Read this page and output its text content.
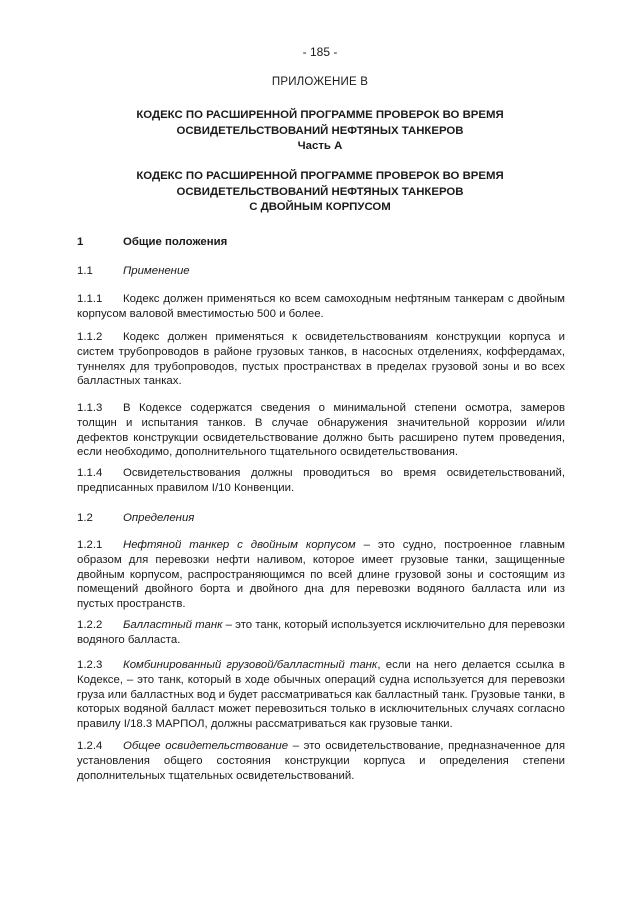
- 185 -
ПРИЛОЖЕНИЕ В
КОДЕКС ПО РАСШИРЕННОЙ ПРОГРАММЕ ПРОВЕРОК ВО ВРЕМЯ
ОСВИДЕТЕЛЬСТВОВАНИЙ НЕФТЯНЫХ ТАНКЕРОВ
Часть A
КОДЕКС ПО РАСШИРЕННОЙ ПРОГРАММЕ ПРОВЕРОК ВО ВРЕМЯ
ОСВИДЕТЕЛЬСТВОВАНИЙ НЕФТЯНЫХ ТАНКЕРОВ
С ДВОЙНЫМ КОРПУСОМ
1	Общие положения
1.1	Применение
1.1.1 Кодекс должен применяться ко всем самоходным нефтяным танкерам с двойным корпусом валовой вместимостью 500 и более.
1.1.2 Кодекс должен применяться к освидетельствованиям конструкции корпуса и систем трубопроводов в районе грузовых танков, в насосных отделениях, коффердамах, туннелях для трубопроводов, пустых пространствах в пределах грузовой зоны и во всех балластных танках.
1.1.3 В Кодексе содержатся сведения о минимальной степени осмотра, замеров толщин и испытания танков. В случае обнаружения значительной коррозии и/или дефектов конструкции освидетельствование должно быть расширено путем проведения, если необходимо, дополнительного тщательного освидетельствования.
1.1.4 Освидетельствования должны проводиться во время освидетельствований, предписанных правилом I/10 Конвенции.
1.2	Определения
1.2.1 Нефтяной танкер с двойным корпусом – это судно, построенное главным образом для перевозки нефти наливом, которое имеет грузовые танки, защищенные двойным корпусом, распространяющимся по всей длине грузовой зоны и состоящим из помещений двойного борта и двойного дна для перевозки водяного балласта или из пустых пространств.
1.2.2 Балластный танк – это танк, который используется исключительно для перевозки водяного балласта.
1.2.3 Комбинированный грузовой/балластный танк, если на него делается ссылка в Кодексе, – это танк, который в ходе обычных операций судна используется для перевозки груза или балластных вод и будет рассматриваться как балластный танк. Грузовые танки, в которых водяной балласт может перевозиться только в исключительных случаях согласно правилу I/18.3 МАРПОЛ, должны рассматриваться как грузовые танки.
1.2.4 Общее освидетельствование – это освидетельствование, предназначенное для установления общего состояния конструкции корпуса и определения степени дополнительных тщательных освидетельствований.
